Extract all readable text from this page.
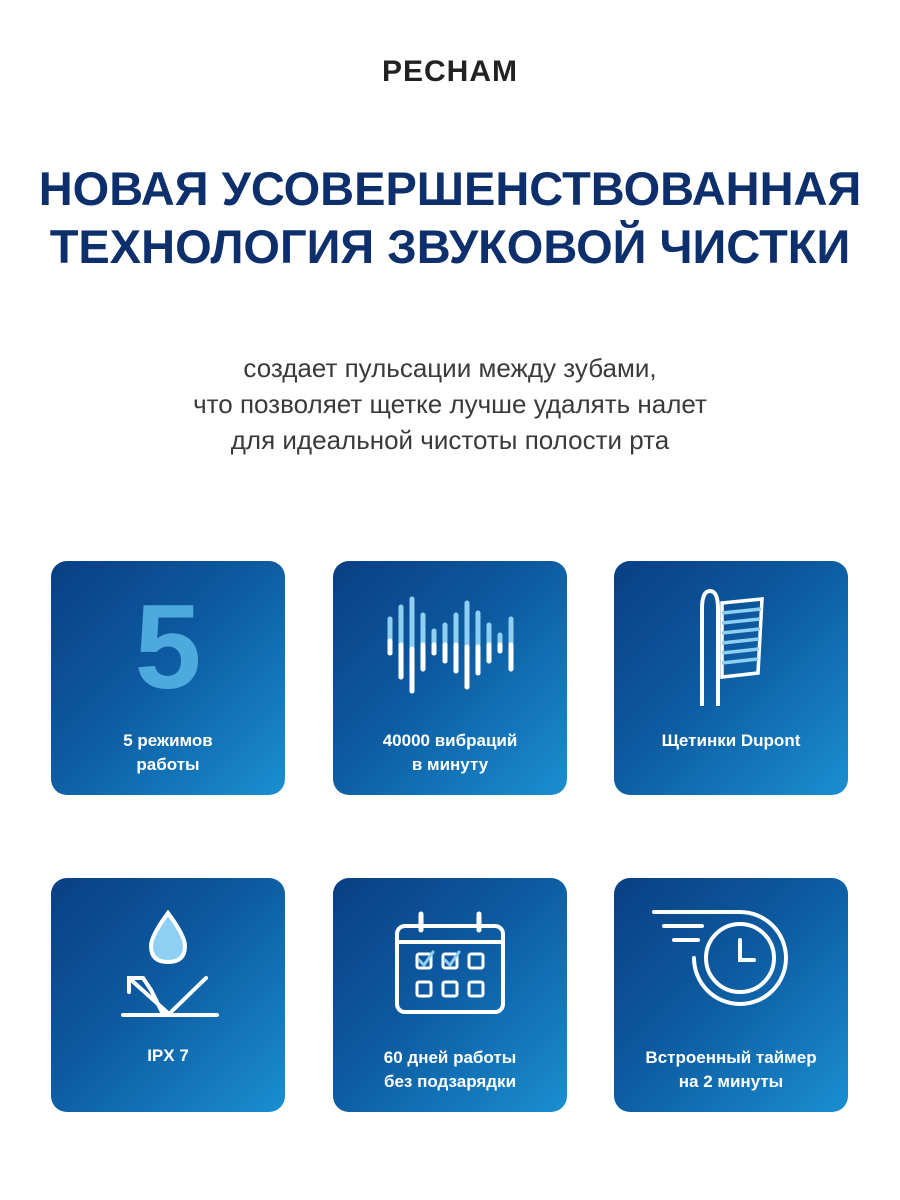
PECHAM
НОВАЯ УСОВЕРШЕНСТВОВАННАЯ
ТЕХНОЛОГИЯ ЗВУКОВОЙ ЧИСТКИ
создает пульсации между зубами,
что позволяет щетке лучше удалять налет
для идеальной чистоты полости рта
5
5 режимов
работы
40000 вибраций
в минуту
Щетинки Dupont
IPX 7	60 дней работы
без подзарядки
Встроенный таймер
на 2 минуты
